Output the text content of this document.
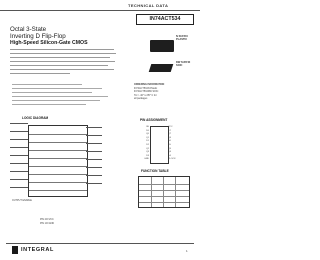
TECHNICAL DATA
IN74ACT534
Octal 3-State
Inverting D Flip-Flop
High-Speed Silicon-Gate CMOS
N SUFFIX
PLASTIC
DW SUFFIX
SOIC
ORDERING INFORMATION
IN74ACT534N Plastic
IN74ACT534DW SOIC
TA = -40° to 85° C for
all packages
LOGIC DIAGRAM
OUTPUT ENABLE
PIN 20=VCC
PIN 10=GND
PIN ASSIGNMENT
OE
D0
Q0
Q1
D1
D2
Q2
Q3
D3
GND
VCC
D7
Q7
Q6
D6
D5
Q5
Q4
D4
CLOCK
FUNCTION TABLE
INTEGRAL	1
